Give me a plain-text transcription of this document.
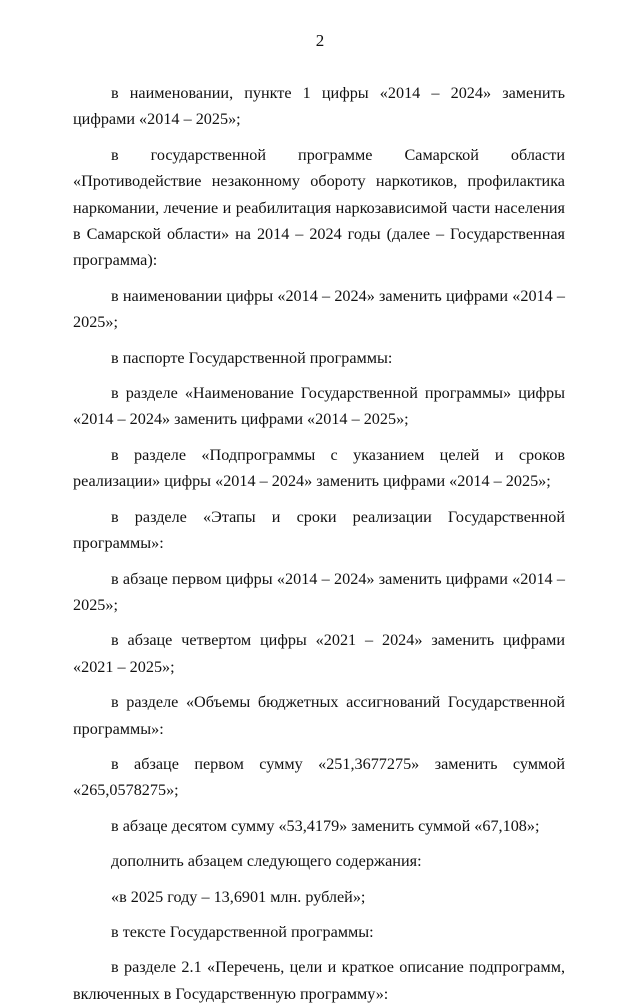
2
в наименовании, пункте 1 цифры «2014 – 2024» заменить цифрами «2014 – 2025»;
в государственной программе Самарской области «Противодействие незаконному обороту наркотиков, профилактика наркомании, лечение и реабилитация наркозависимой части населения в Самарской области» на 2014 – 2024 годы (далее – Государственная программа):
в наименовании цифры «2014 – 2024» заменить цифрами «2014 – 2025»;
в паспорте Государственной программы:
в разделе «Наименование Государственной программы» цифры «2014 – 2024» заменить цифрами «2014 – 2025»;
в разделе «Подпрограммы с указанием целей и сроков реализации» цифры «2014 – 2024» заменить цифрами «2014 – 2025»;
в разделе «Этапы и сроки реализации Государственной программы»:
в абзаце первом цифры «2014 – 2024» заменить цифрами «2014 – 2025»;
в абзаце четвертом цифры «2021 – 2024» заменить цифрами «2021 – 2025»;
в разделе «Объемы бюджетных ассигнований Государственной программы»:
в абзаце первом сумму «251,3677275» заменить суммой «265,0578275»;
в абзаце десятом сумму «53,4179» заменить суммой «67,108»;
дополнить абзацем следующего содержания:
«в 2025 году – 13,6901 млн. рублей»;
в тексте Государственной программы:
в разделе 2.1 «Перечень, цели и краткое описание подпрограмм, включенных в Государственную программу»:
